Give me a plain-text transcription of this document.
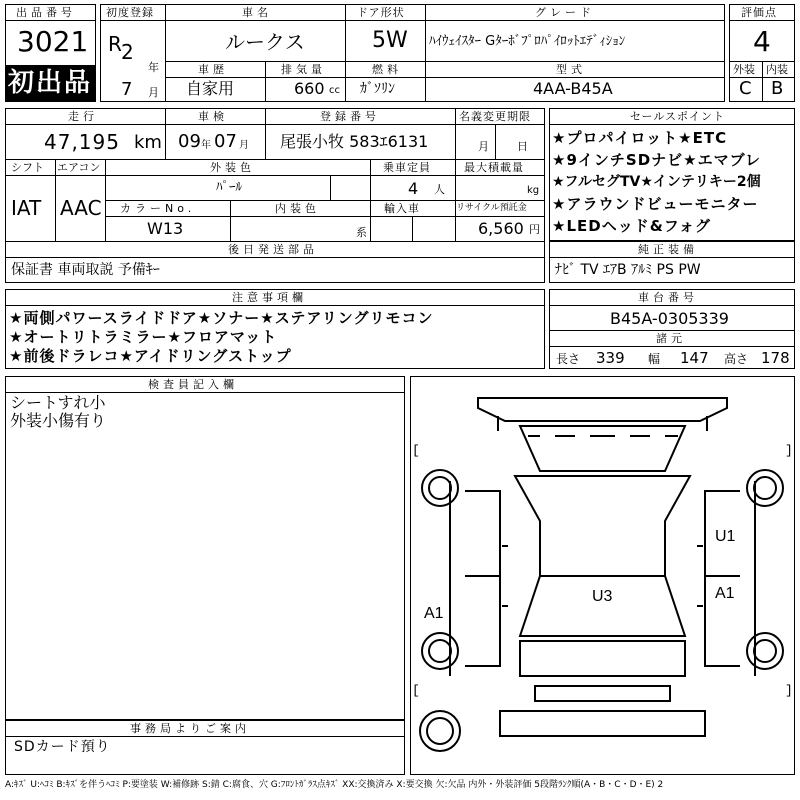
出品番号
3021
初出品
初度登録
R 2
年
7 月
車名
ルークス
ドア形状
5W
グレード
ﾊｲｳｪｲｽﾀｰ Gﾀｰﾎﾞﾌﾟﾛﾊﾟｲﾛｯﾄｴﾃﾞｨｼｮﾝ
車歴
自家用
排気量
660 cc
燃料
ｶﾞｿﾘﾝ
型式
4AA-B45A
評価点
4
外装 内装
C B
走行
47,195 km
車検
09 年 07 月
登録番号
尾張小牧 583ｴ6131
名義変更期限
月	日
シフト
IAT
エアコン
AAC
外装色
ﾊﾟｰﾙ
乗車定員
4 人
最大積載量
kg
カラーNo.
W13
内装色
系
輸入車	リサイクル預託金
6,560 円
後日発送部品
保証書 車両取説 予備ｷｰ
セールスポイント
★プロパイロット★ETC
★9インチSDナビ★エマブレ
★フルセグTV★インテリキー2個
★アラウンドビューモニター
★LEDヘッド&フォグ
純正装備
ﾅﾋﾞ TV ｴｱB ｱﾙﾐ PS PW
注意事項欄
★両側パワースライドドア★ソナー★ステアリングリモコン
★オートリトラミラー★フロアマット
★前後ドラレコ★アイドリングストップ
車台番号
B45A-0305339
諸元
長さ 339 幅 147 高さ 178
検査員記入欄
シートすれ小
外装小傷有り
事務局よりご案内
SDカード預り
[	]
[	]
U1
U3
A1
A1
A:ｷｽﾞ U:ﾍｺﾐ B:ｷｽﾞを伴うﾍｺﾐ P:要塗装 W:補修跡 S:錆 C:腐食、穴 G:ﾌﾛﾝﾄｶﾞﾗｽ点ｷｽﾞ XX:交換済み X:要交換 欠:欠品 内外・外装評価 5段階ﾗﾝｸ順(A・B・C・D・E) 2
